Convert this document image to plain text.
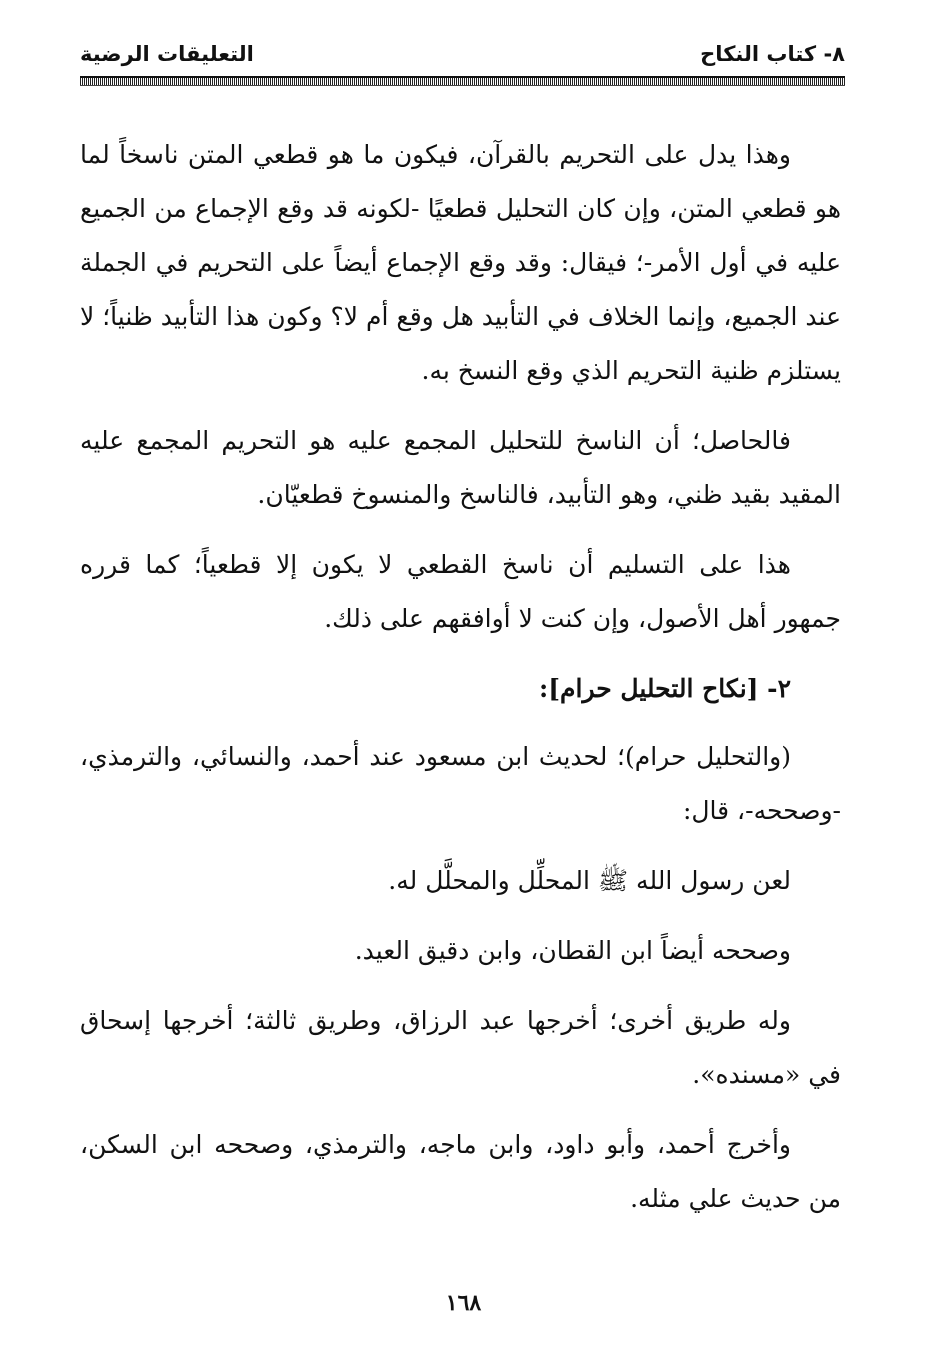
٨- كتاب النكاح
التعليقات الرضية

وهذا يدل على التحريم بالقرآن، فيكون ما هو قطعي المتن ناسخاً لما هو قطعي المتن، وإن كان التحليل قطعيًا -لكونه قد وقع الإجماع من الجميع عليه في أول الأمر-؛ فيقال: وقد وقع الإجماع أيضاً على التحريم في الجملة عند الجميع، وإنما الخلاف في التأبيد هل وقع أم لا؟ وكون هذا التأبيد ظنياً؛ لا يستلزم ظنية التحريم الذي وقع النسخ به.

فالحاصل؛ أن الناسخ للتحليل المجمع عليه هو التحريم المجمع عليه المقيد بقيد ظني، وهو التأبيد، فالناسخ والمنسوخ قطعيّان.

هذا على التسليم أن ناسخ القطعي لا يكون إلا قطعياً؛ كما قرره جمهور أهل الأصول، وإن كنت لا أوافقهم على ذلك.

٢- [نكاح التحليل حرام]:

(والتحليل حرام)؛ لحديث ابن مسعود عند أحمد، والنسائي، والترمذي، -وصححه-، قال:

لعن رسول الله ﷺ المحلِّل والمحلَّل له.

وصححه أيضاً ابن القطان، وابن دقيق العيد.

وله طريق أخرى؛ أخرجها عبد الرزاق، وطريق ثالثة؛ أخرجها إسحاق في «مسنده».

وأخرج أحمد، وأبو داود، وابن ماجه، والترمذي، وصححه ابن السكن، من حديث علي مثله.

١٦٨
